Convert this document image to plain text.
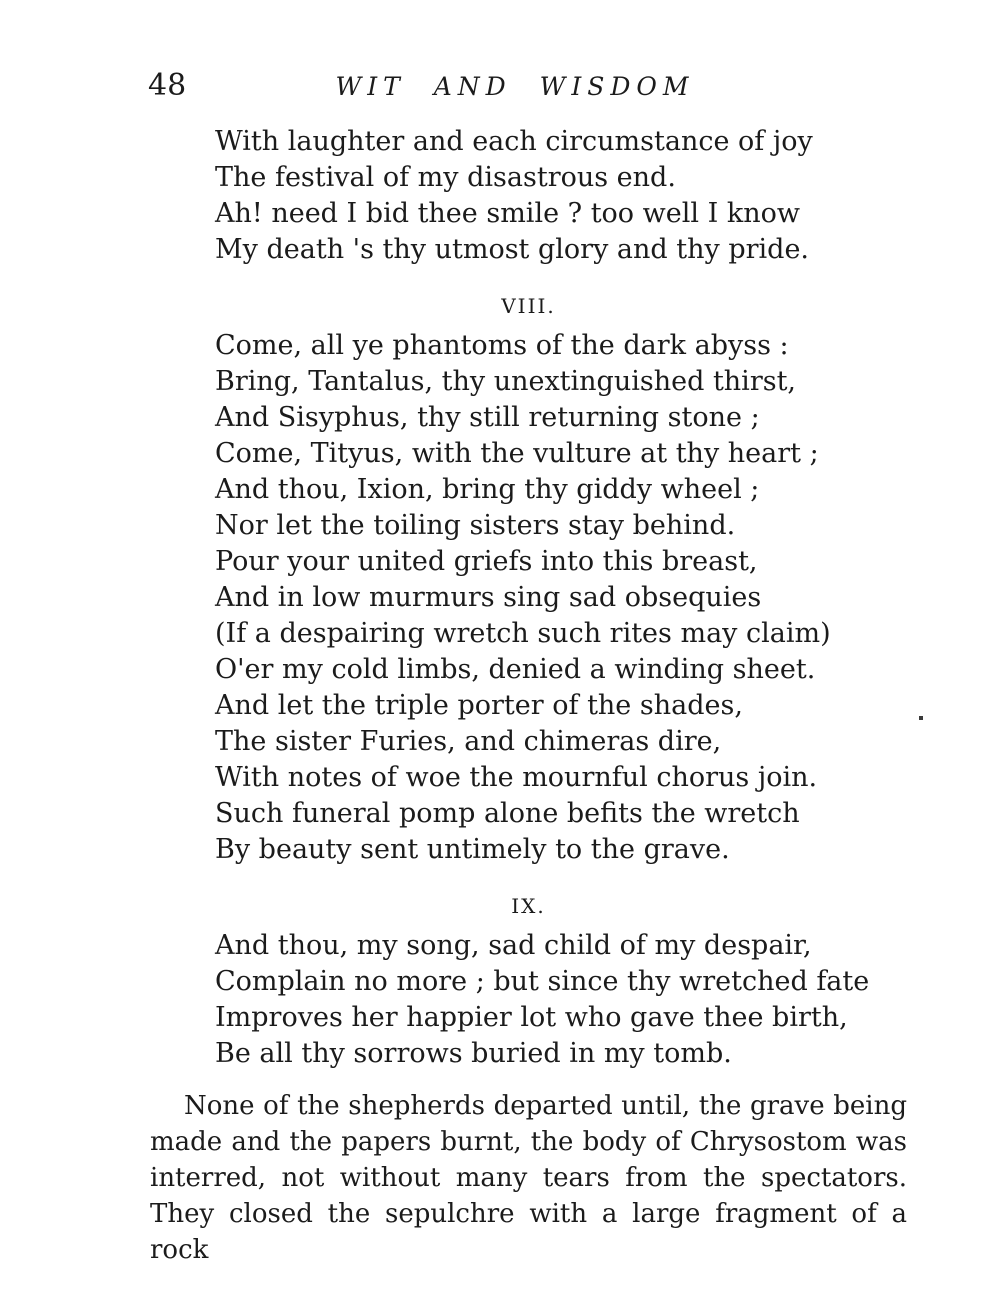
48	WIT AND WISDOM
With laughter and each circumstance of joy
The festival of my disastrous end.
Ah! need I bid thee smile ? too well I know
My death 's thy utmost glory and thy pride.
VIII.
Come, all ye phantoms of the dark abyss :
Bring, Tantalus, thy unextinguished thirst,
And Sisyphus, thy still returning stone ;
Come, Tityus, with the vulture at thy heart ;
And thou, Ixion, bring thy giddy wheel ;
Nor let the toiling sisters stay behind.
Pour your united griefs into this breast,
And in low murmurs sing sad obsequies
(If a despairing wretch such rites may claim)
O'er my cold limbs, denied a winding sheet.
And let the triple porter of the shades,
The sister Furies, and chimeras dire,
With notes of woe the mournful chorus join.
Such funeral pomp alone befits the wretch
By beauty sent untimely to the grave.
IX.
And thou, my song, sad child of my despair,
Complain no more ; but since thy wretched fate
Improves her happier lot who gave thee birth,
Be all thy sorrows buried in my tomb.
None of the shepherds departed until, the grave being
made and the papers burnt, the body of Chrysostom was
interred, not without many tears from the spectators.
They closed the sepulchre with a large fragment of a rock
